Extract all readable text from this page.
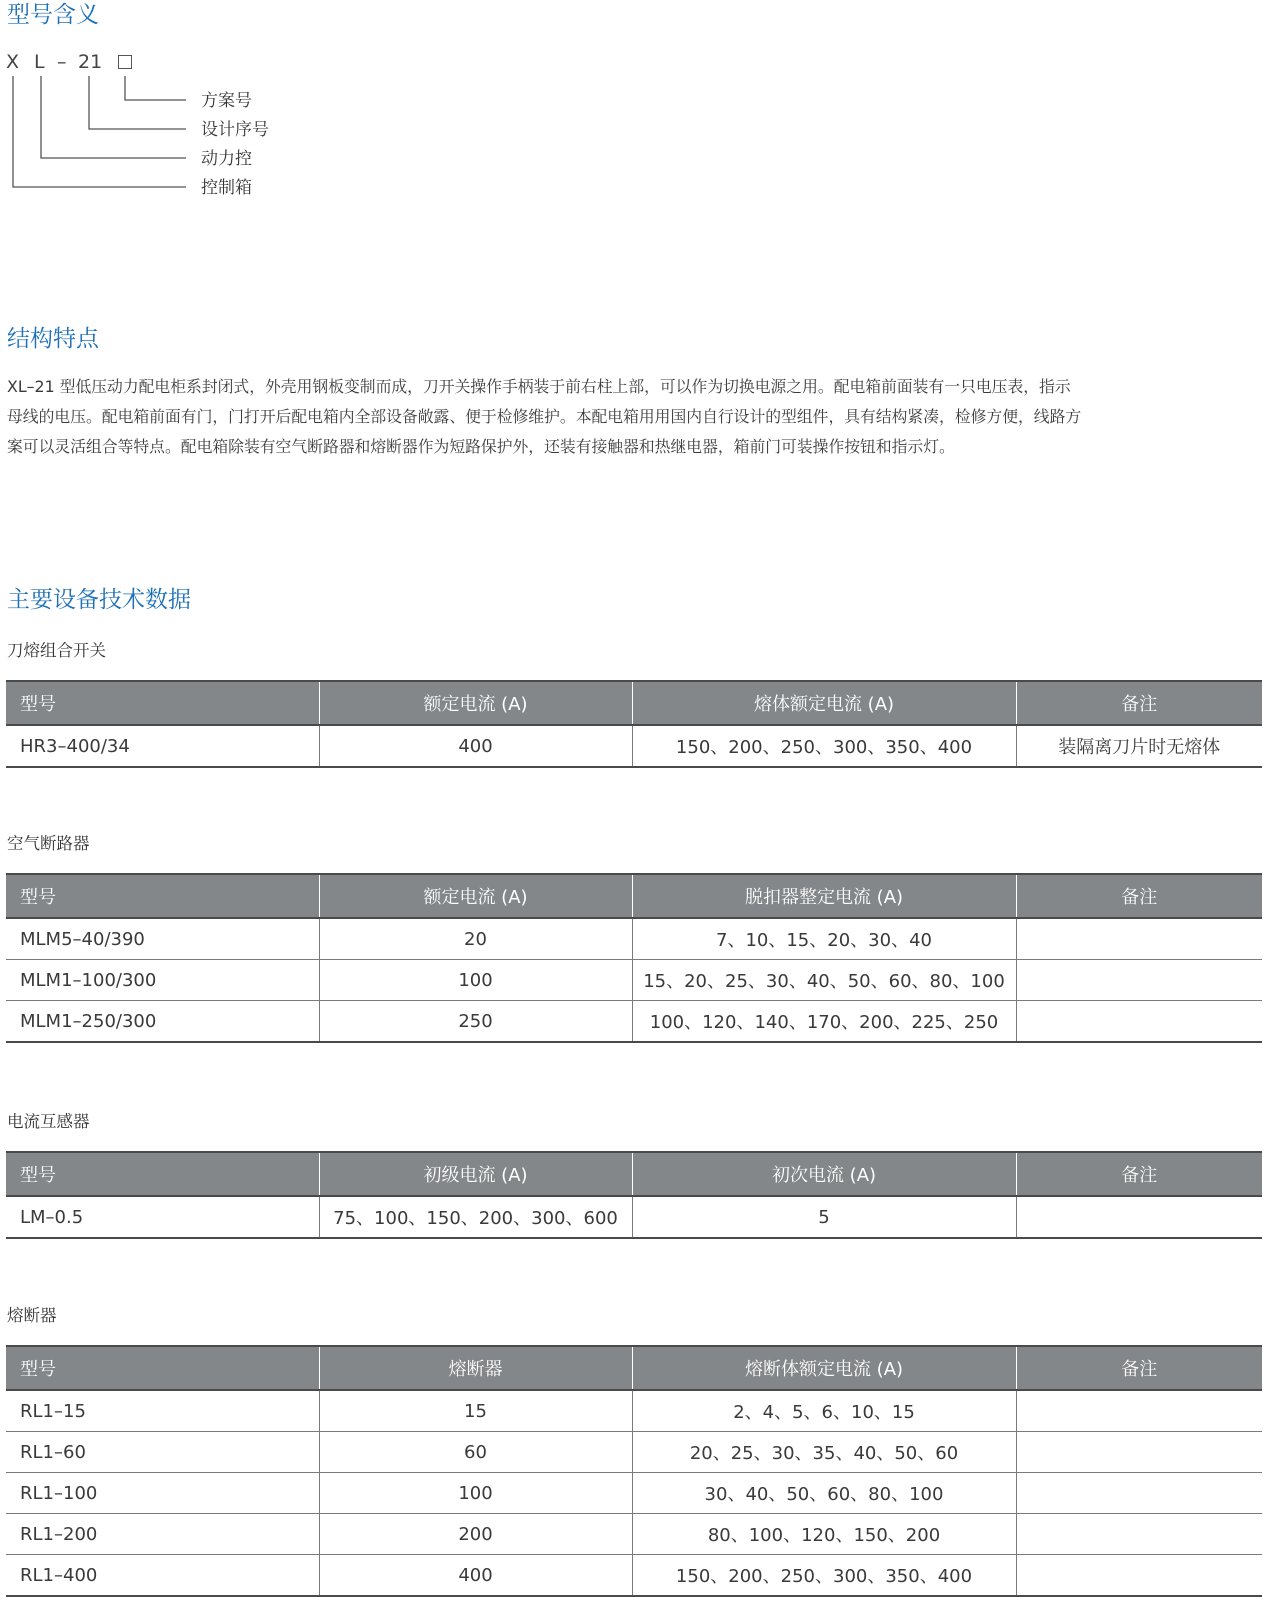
型号含义
X L – 21
方案号
设计序号
动力控
控制箱
结构特点
XL–21 型低压动力配电柜系封闭式，外壳用钢板变制而成，刀开关操作手柄装于前右柱上部，可以作为切换电源之用。配电箱前面装有一只电压表，指示
母线的电压。配电箱前面有门，门打开后配电箱内全部设备敞露、便于检修维护。本配电箱用用国内自行设计的型组件，具有结构紧凑，检修方便，线路方
案可以灵活组合等特点。配电箱除装有空气断路器和熔断器作为短路保护外，还装有接触器和热继电器，箱前门可装操作按钮和指示灯。
主要设备技术数据
刀熔组合开关
型号	额定电流 (A)	熔体额定电流 (A)	备注
HR3–400/34	400	150、200、250、300、350、400	装隔离刀片时无熔体
空气断路器
型号	额定电流 (A)	脱扣器整定电流 (A)	备注
MLM5–40/390	20	7、10、15、20、30、40	
MLM1–100/300	100	15、20、25、30、40、50、60、80、100	
MLM1–250/300	250	100、120、140、170、200、225、250	
电流互感器
型号	初级电流 (A)	初次电流 (A)	备注
LM–0.5	75、100、150、200、300、600	5	
熔断器
型号	熔断器	熔断体额定电流 (A)	备注
RL1–15	15	2、4、5、6、10、15	
RL1–60	60	20、25、30、35、40、50、60	
RL1–100	100	30、40、50、60、80、100	
RL1–200	200	80、100、120、150、200	
RL1–400	400	150、200、250、300、350、400	
